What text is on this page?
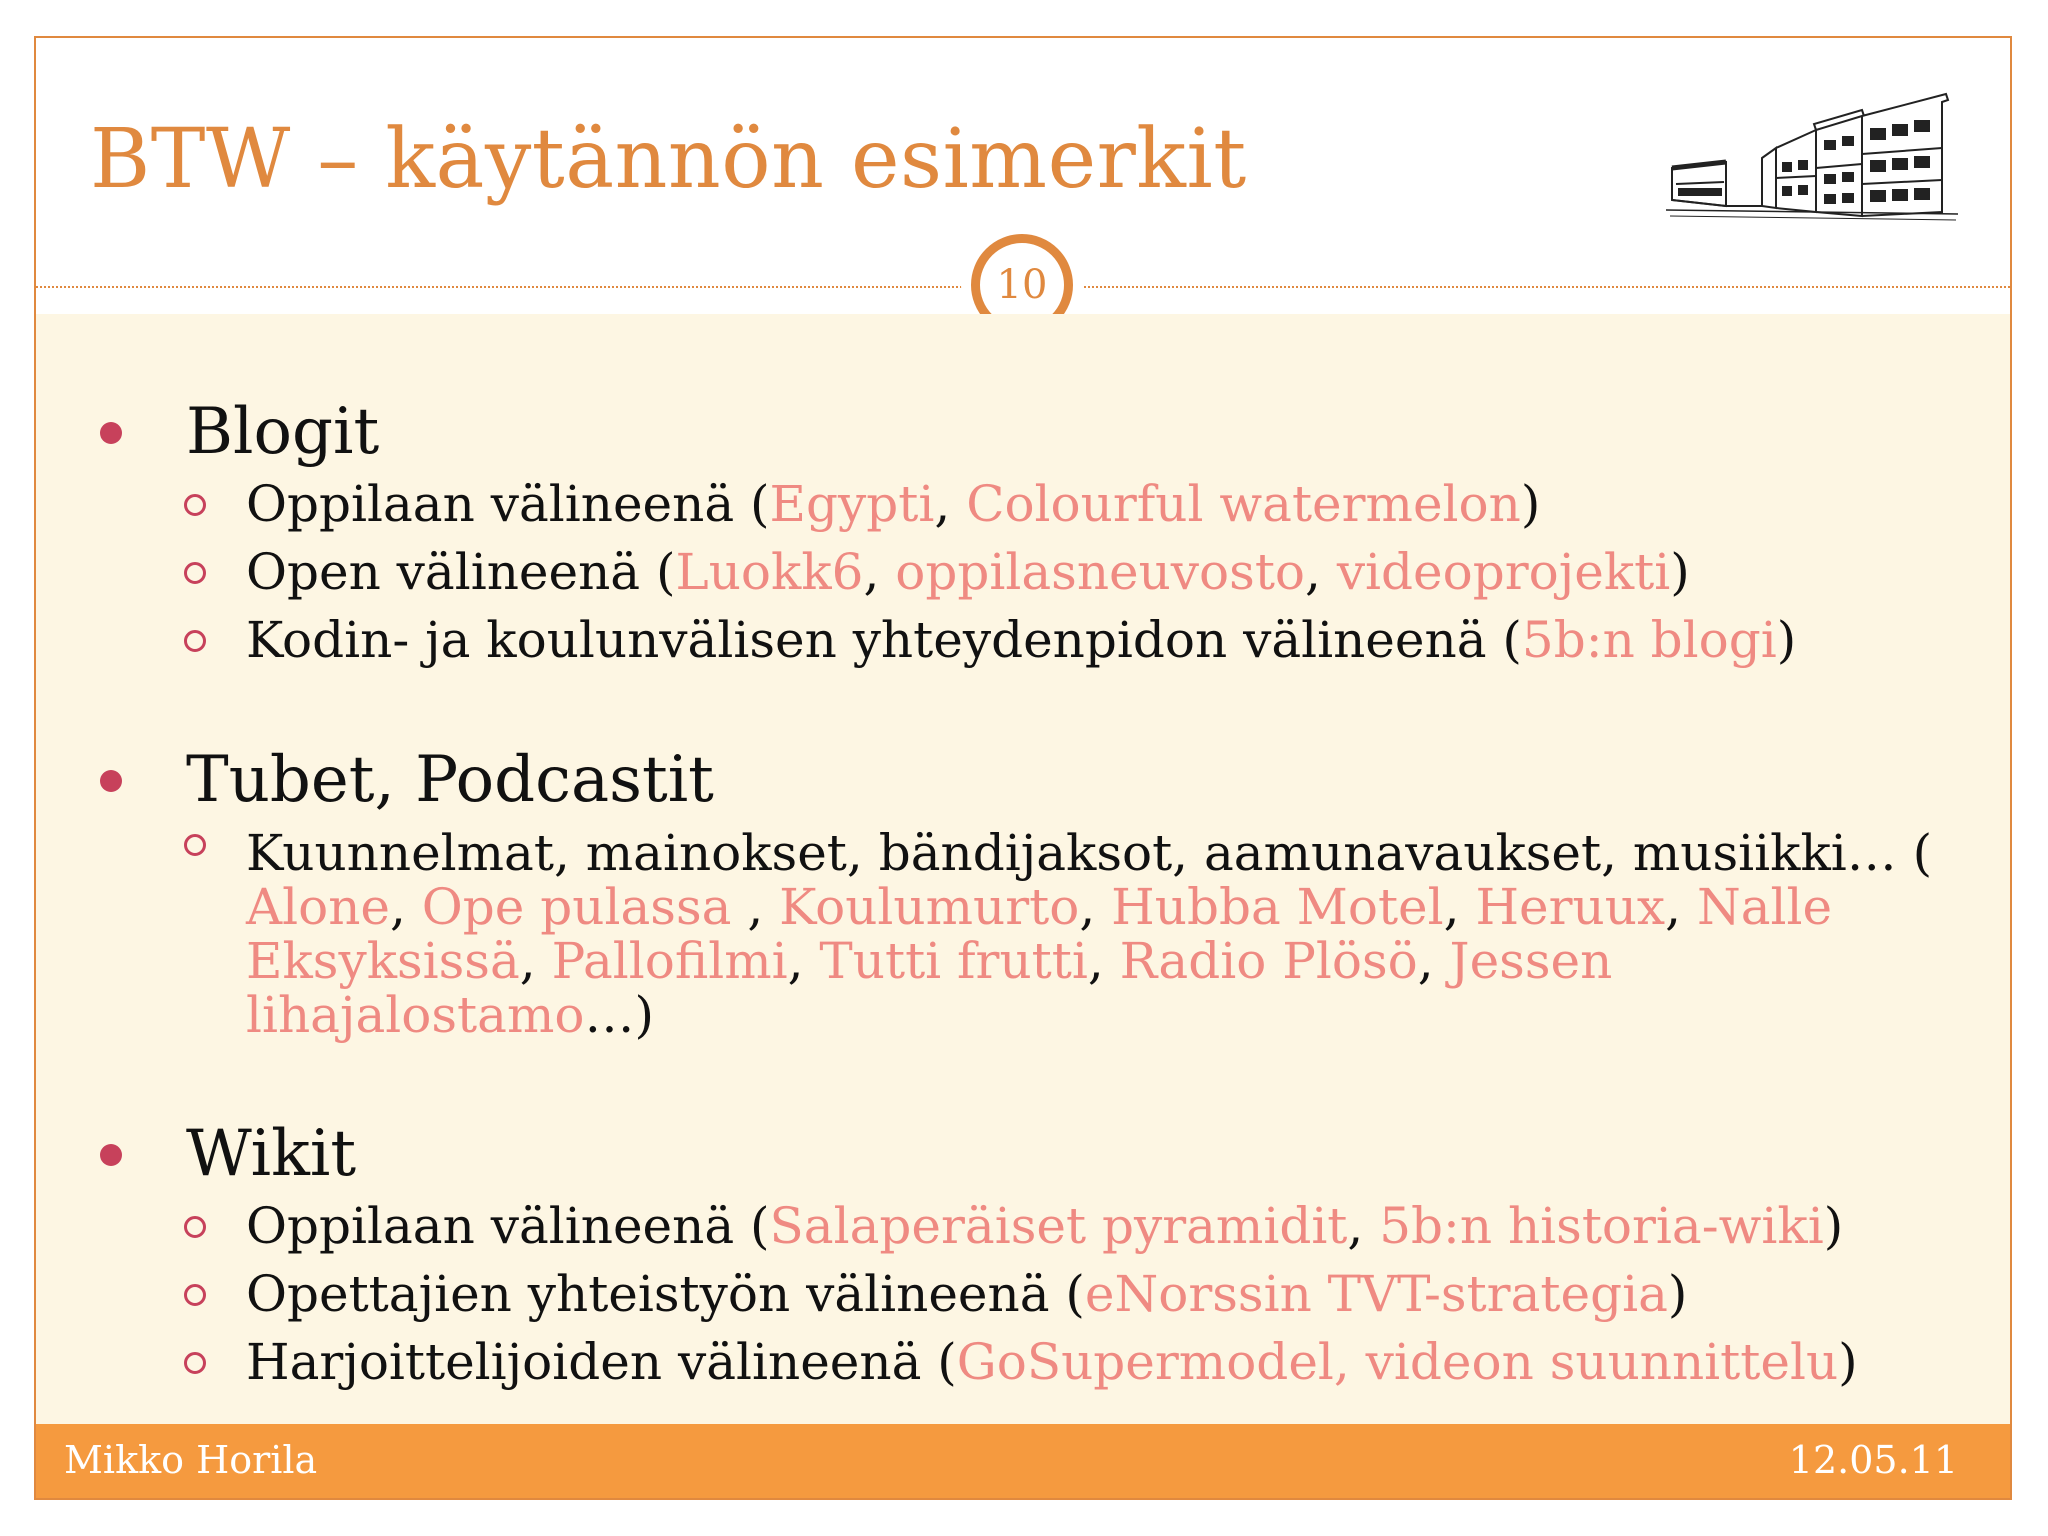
BTW – käytännön esimerkit
10
Blogit
Oppilaan välineenä (Egypti, Colourful watermelon)
Open välineenä (Luokk6, oppilasneuvosto, videoprojekti)
Kodin- ja koulunvälisen yhteydenpidon välineenä (5b:n blogi)
Tubet, Podcastit
Kuunnelmat, mainokset, bändijaksot, aamunavaukset, musiikki… ( Alone, Ope pulassa , Koulumurto, Hubba Motel, Heruux, Nalle Eksyksissä, Pallofilmi, Tutti frutti, Radio Plösö, Jessen lihajalostamo…)
Wikit
Oppilaan välineenä (Salaperäiset pyramidit, 5b:n historia-wiki)
Opettajien yhteistyön välineenä (eNorssin TVT-strategia)
Harjoittelijoiden välineenä (GoSupermodel, videon suunnittelu)
Mikko Horila	12.05.11
